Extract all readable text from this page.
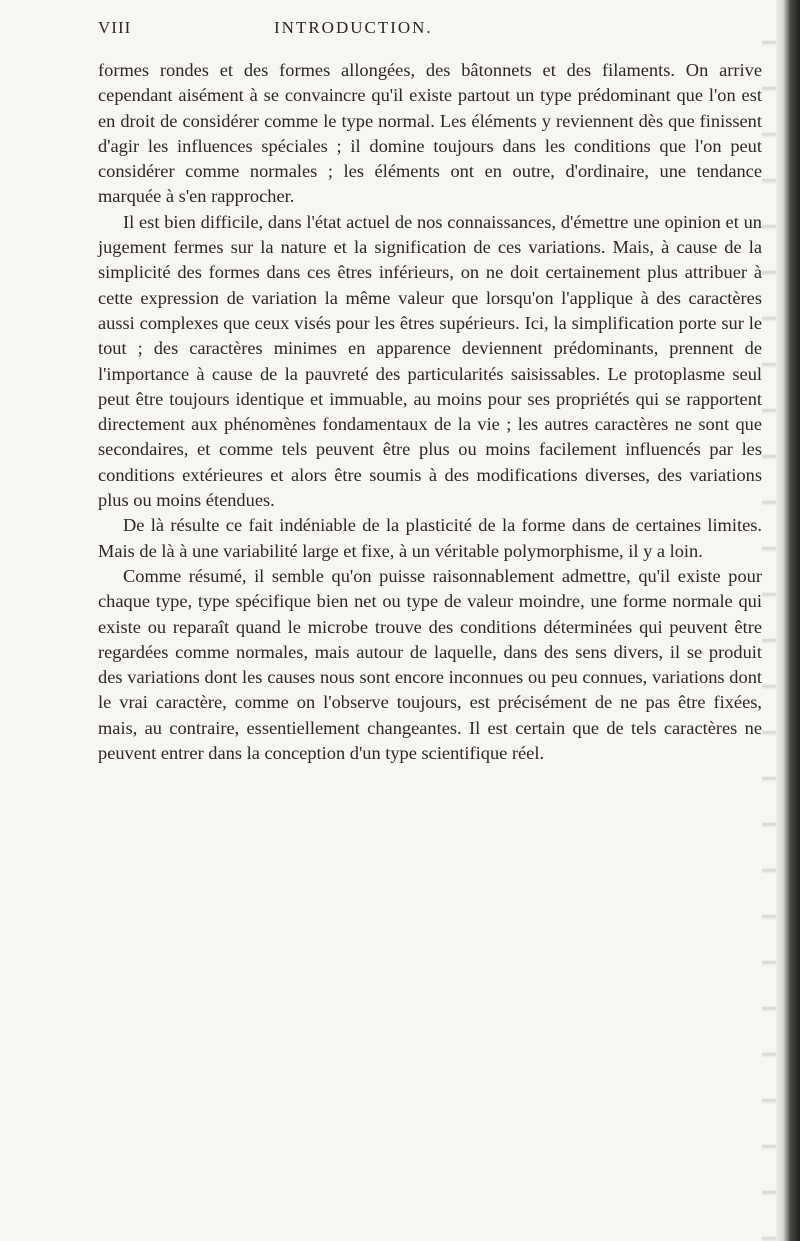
VIII	INTRODUCTION.

formes rondes et des formes allongées, des bâtonnets et des filaments. On arrive cependant aisément à se convaincre qu'il existe partout un type prédominant que l'on est en droit de considérer comme le type normal. Les éléments y reviennent dès que finissent d'agir les influences spéciales ; il domine toujours dans les conditions que l'on peut considérer comme normales ; les éléments ont en outre, d'ordinaire, une tendance marquée à s'en rapprocher.

Il est bien difficile, dans l'état actuel de nos connaissances, d'émettre une opinion et un jugement fermes sur la nature et la signification de ces variations. Mais, à cause de la simplicité des formes dans ces êtres inférieurs, on ne doit certainement plus attribuer à cette expression de variation la même valeur que lorsqu'on l'applique à des caractères aussi complexes que ceux visés pour les êtres supérieurs. Ici, la simplification porte sur le tout ; des caractères minimes en apparence deviennent prédominants, prennent de l'importance à cause de la pauvreté des particularités saisissables. Le protoplasme seul peut être toujours identique et immuable, au moins pour ses propriétés qui se rapportent directement aux phénomènes fondamentaux de la vie ; les autres caractères ne sont que secondaires, et comme tels peuvent être plus ou moins facilement influencés par les conditions extérieures et alors être soumis à des modifications diverses, des variations plus ou moins étendues.

De là résulte ce fait indéniable de la plasticité de la forme dans de certaines limites. Mais de là à une variabilité large et fixe, à un véritable polymorphisme, il y a loin.

Comme résumé, il semble qu'on puisse raisonnablement admettre, qu'il existe pour chaque type, type spécifique bien net ou type de valeur moindre, une forme normale qui existe ou reparaît quand le microbe trouve des conditions déterminées qui peuvent être regardées comme normales, mais autour de laquelle, dans des sens divers, il se produit des variations dont les causes nous sont encore inconnues ou peu connues, variations dont le vrai caractère, comme on l'observe toujours, est précisément de ne pas être fixées, mais, au contraire, essentiellement changeantes. Il est certain que de tels caractères ne peuvent entrer dans la conception d'un type scientifique réel.
